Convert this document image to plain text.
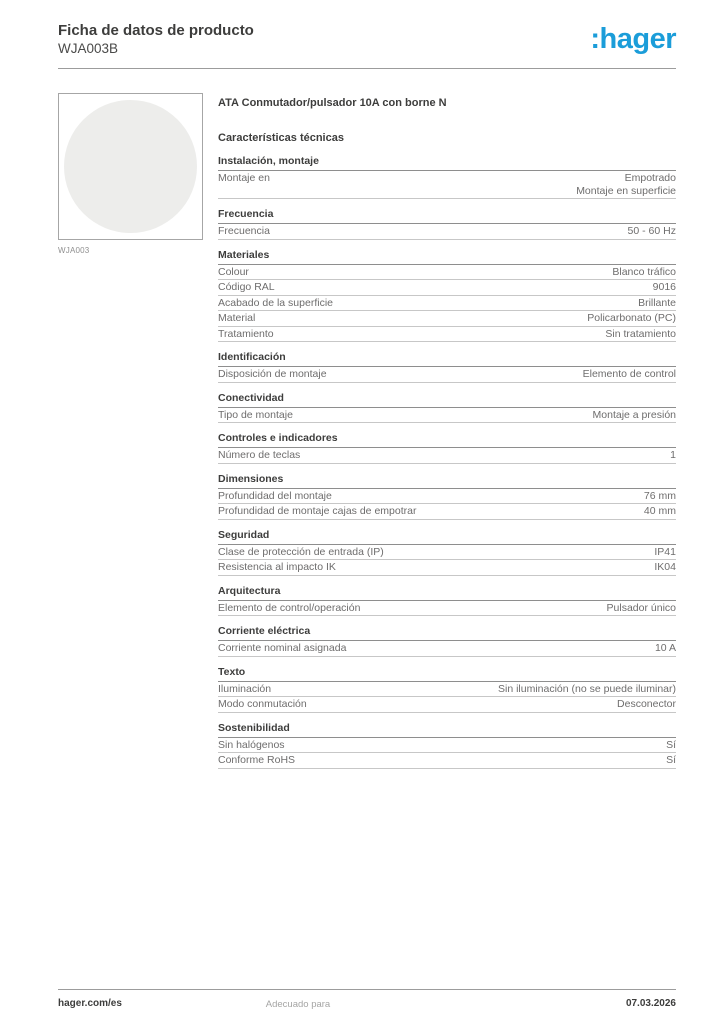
Ficha de datos de producto
WJA003B	:hager
WJA003
ATA Conmutador/pulsador 10A con borne N
Características técnicas
Instalación, montaje
Montaje en	Empotrado
Montaje en superficie
Frecuencia
Frecuencia	50 - 60 Hz
Materiales
Colour	Blanco tráfico
Código RAL	9016
Acabado de la superficie	Brillante
Material	Policarbonato (PC)
Tratamiento	Sin tratamiento
Identificación
Disposición de montaje	Elemento de control
Conectividad
Tipo de montaje	Montaje a presión
Controles e indicadores
Número de teclas	1
Dimensiones
Profundidad del montaje	76 mm
Profundidad de montaje cajas de empotrar	40 mm
Seguridad
Clase de protección de entrada (IP)	IP41
Resistencia al impacto IK	IK04
Arquitectura
Elemento de control/operación	Pulsador único
Corriente eléctrica
Corriente nominal asignada	10 A
Texto
Iluminación	Sin iluminación (no se puede iluminar)
Modo conmutación	Desconector
Sostenibilidad
Sin halógenos	Sí
Conforme RoHS	Sí
hager.com/es	Adecuado para	07.03.2026
